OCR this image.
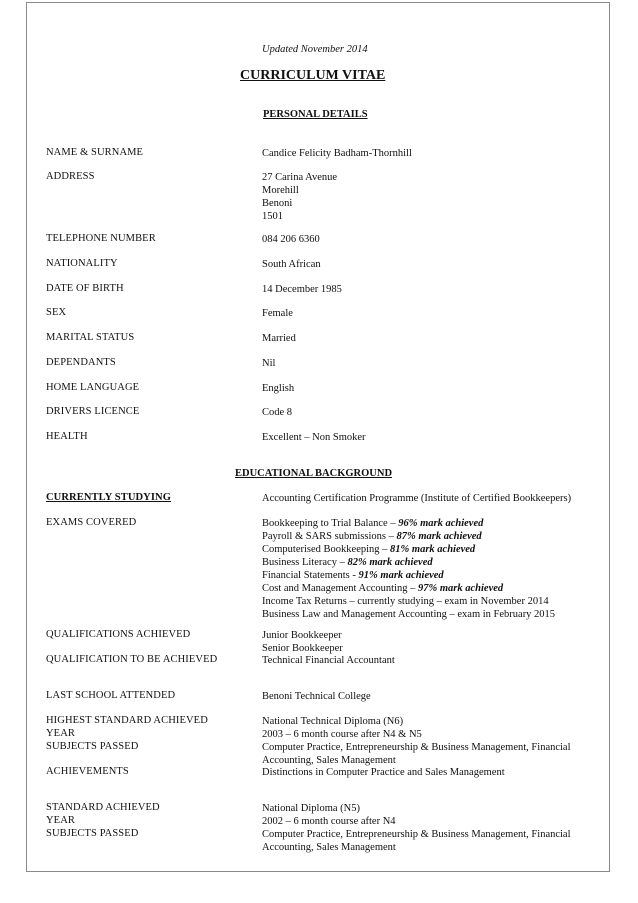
Updated November 2014
CURRICULUM VITAE
PERSONAL DETAILS
NAME & SURNAME	Candice Felicity Badham-Thornhill
ADDRESS	27 Carina Avenue
Morehill
Benoni
1501
TELEPHONE NUMBER	084 206 6360
NATIONALITY	South African
DATE OF BIRTH	14 December 1985
SEX	Female
MARITAL STATUS	Married
DEPENDANTS	Nil
HOME LANGUAGE	English
DRIVERS LICENCE	Code 8
HEALTH	Excellent – Non Smoker
EDUCATIONAL BACKGROUND
CURRENTLY STUDYING	Accounting Certification Programme (Institute of Certified Bookkeepers)
EXAMS COVERED	Bookkeeping to Trial Balance – 96% mark achieved
Payroll & SARS submissions – 87% mark achieved
Computerised Bookkeeping – 81% mark achieved
Business Literacy – 82% mark achieved
Financial Statements - 91% mark achieved
Cost and Management Accounting – 97% mark achieved
Income Tax Returns – currently studying – exam in November 2014
Business Law and Management Accounting – exam in February 2015
QUALIFICATIONS ACHIEVED	Junior Bookkeeper
Senior Bookkeeper
QUALIFICATION TO BE ACHIEVED	Technical Financial Accountant
LAST SCHOOL ATTENDED	Benoni Technical College
HIGHEST STANDARD ACHIEVED	National Technical Diploma (N6)
YEAR	2003 – 6 month course after N4 & N5
SUBJECTS PASSED	Computer Practice, Entrepreneurship & Business Management, Financial
Accounting, Sales Management
ACHIEVEMENTS	Distinctions in Computer Practice and Sales Management
STANDARD ACHIEVED	National Diploma (N5)
YEAR	2002 – 6 month course after N4
SUBJECTS PASSED	Computer Practice, Entrepreneurship & Business Management, Financial
Accounting, Sales Management
